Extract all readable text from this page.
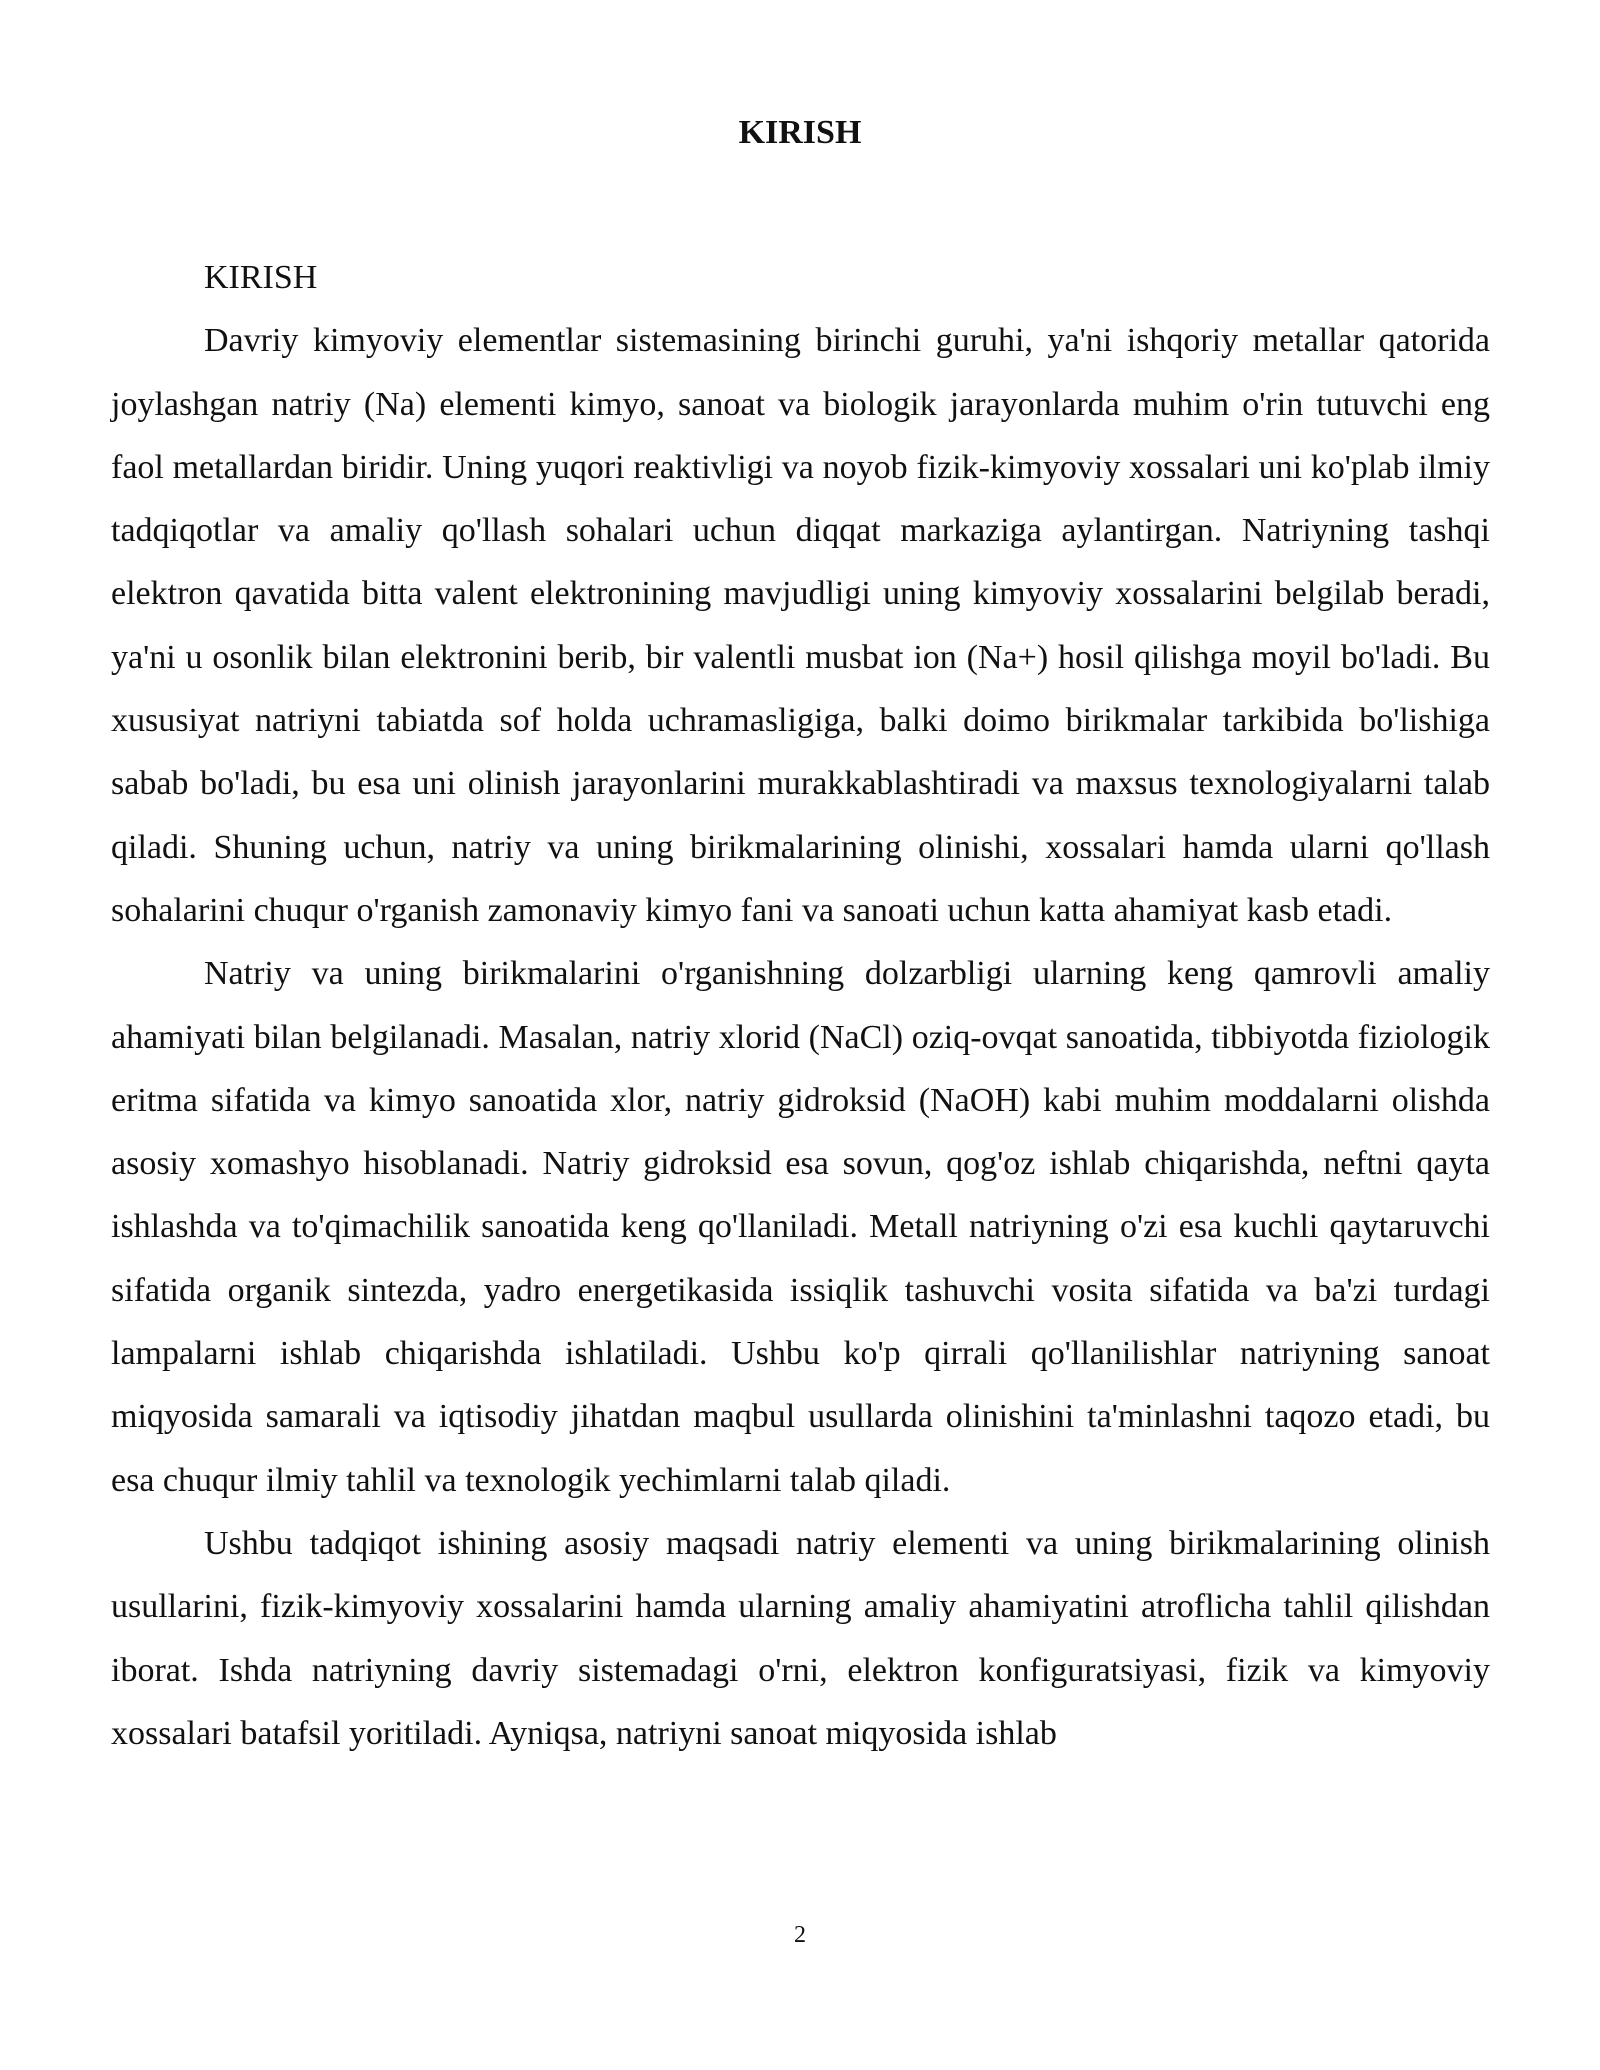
KIRISH

KIRISH

Davriy kimyoviy elementlar sistemasining birinchi guruhi, ya'ni ishqoriy metallar qatorida joylashgan natriy (Na) elementi kimyo, sanoat va biologik jarayonlarda muhim o'rin tutuvchi eng faol metallardan biridir. Uning yuqori reaktivligi va noyob fizik-kimyoviy xossalari uni ko'plab ilmiy tadqiqotlar va amaliy qo'llash sohalari uchun diqqat markaziga aylantirgan. Natriyning tashqi elektron qavatida bitta valent elektronining mavjudligi uning kimyoviy xossalarini belgilab beradi, ya'ni u osonlik bilan elektronini berib, bir valentli musbat ion (Na+) hosil qilishga moyil bo'ladi. Bu xususiyat natriyni tabiatda sof holda uchramasligiga, balki doimo birikmalar tarkibida bo'lishiga sabab bo'ladi, bu esa uni olinish jarayonlarini murakkablashtiradi va maxsus texnologiyalarni talab qiladi. Shuning uchun, natriy va uning birikmalarining olinishi, xossalari hamda ularni qo'llash sohalarini chuqur o'rganish zamonaviy kimyo fani va sanoati uchun katta ahamiyat kasb etadi.

Natriy va uning birikmalarini o'rganishning dolzarbligi ularning keng qamrovli amaliy ahamiyati bilan belgilanadi. Masalan, natriy xlorid (NaCl) oziq-ovqat sanoatida, tibbiyotda fiziologik eritma sifatida va kimyo sanoatida xlor, natriy gidroksid (NaOH) kabi muhim moddalarni olishda asosiy xomashyo hisoblanadi. Natriy gidroksid esa sovun, qog'oz ishlab chiqarishda, neftni qayta ishlashda va to'qimachilik sanoatida keng qo'llaniladi. Metall natriyning o'zi esa kuchli qaytaruvchi sifatida organik sintezda, yadro energetikasida issiqlik tashuvchi vosita sifatida va ba'zi turdagi lampalarni ishlab chiqarishda ishlatiladi. Ushbu ko'p qirrali qo'llanilishlar natriyning sanoat miqyosida samarali va iqtisodiy jihatdan maqbul usullarda olinishini ta'minlashni taqozo etadi, bu esa chuqur ilmiy tahlil va texnologik yechimlarni talab qiladi.

Ushbu tadqiqot ishining asosiy maqsadi natriy elementi va uning birikmalarining olinish usullarini, fizik-kimyoviy xossalarini hamda ularning amaliy ahamiyatini atroflicha tahlil qilishdan iborat. Ishda natriyning davriy sistemadagi o'rni, elektron konfiguratsiyasi, fizik va kimyoviy xossalari batafsil yoritiladi. Ayniqsa, natriyni sanoat miqyosida ishlab

2
